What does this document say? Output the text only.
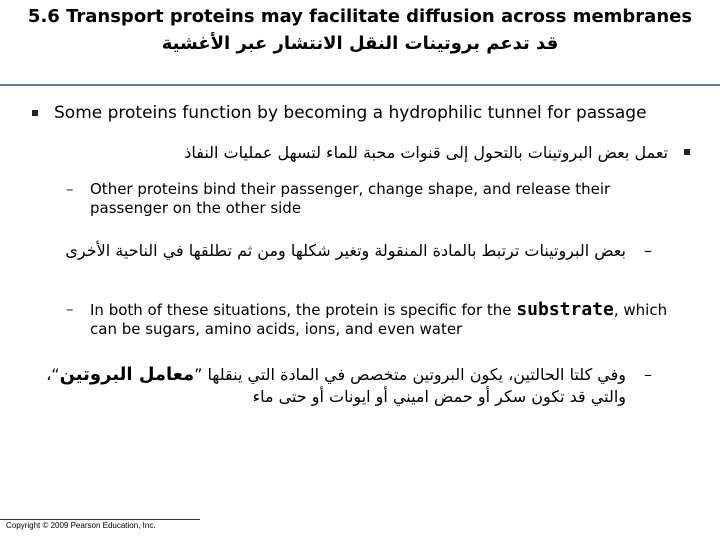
5.6 Transport proteins may facilitate diffusion across membranes
قد تدعم بروتينات النقل الانتشار عبر الأغشية
Some proteins function by becoming a hydrophilic tunnel for passage
تعمل بعض البروتينات بالتحول إلى قنوات محبة للماء لتسهل عمليات النفاذ
– Other proteins bind their passenger, change shape, and release their passenger on the other side
–
بعض البروتينات ترتبط بالمادة المنقولة وتغير شكلها ومن ثم تطلقها في الناحية الأخرى
– In both of these situations, the protein is specific for the substrate, which can be sugars, amino acids, ions, and even water
–
وفي كلتا الحالتين، يكون البروتين متخصص في المادة التي ينقلها ”معامل البروتين“، والتي قد تكون سكر أو حمض اميني أو ايونات أو حتى ماء
Copyright © 2009 Pearson Education, Inc.
